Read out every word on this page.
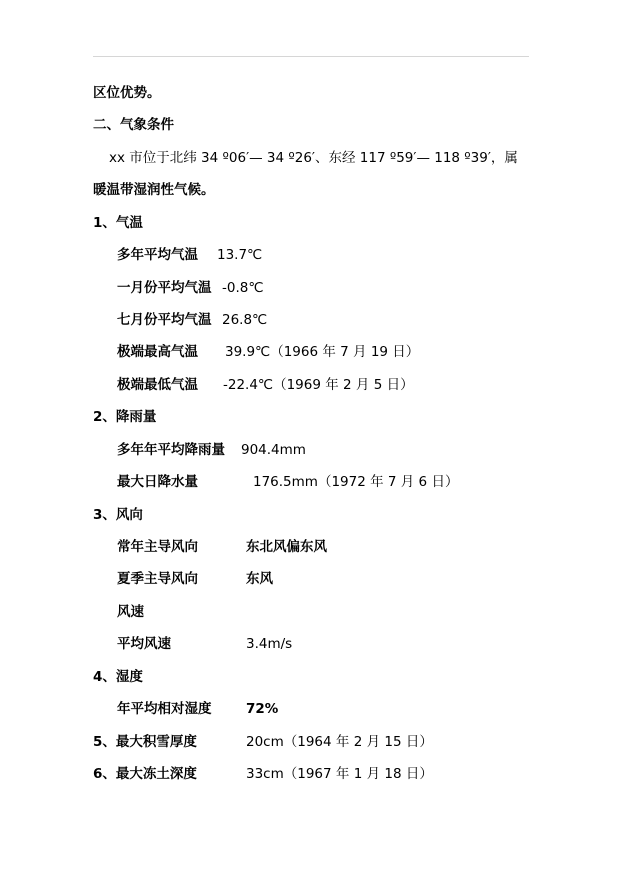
区位优势。
二、气象条件
xx 市位于北纬 34 º06′— 34 º26′、东经 117 º59′— 118 º39′，属
暖温带湿润性气候。
1、气温
多年平均气温 13.7℃
一月份平均气温 -0.8℃
七月份平均气温 26.8℃
极端最高气温 39.9℃（1966 年 7 月 19 日）
极端最低气温 -22.4℃（1969 年 2 月 5 日）
2、降雨量
多年年平均降雨量 904.4mm
最大日降水量	176.5mm（1972 年 7 月 6 日）
3、风向
常年主导风向	东北风偏东风
夏季主导风向	东风
风速
平均风速	3.4m/s
4、湿度
年平均相对湿度	72%
5、最大积雪厚度	20cm（1964 年 2 月 15 日）
6、最大冻土深度	33cm（1967 年 1 月 18 日）
